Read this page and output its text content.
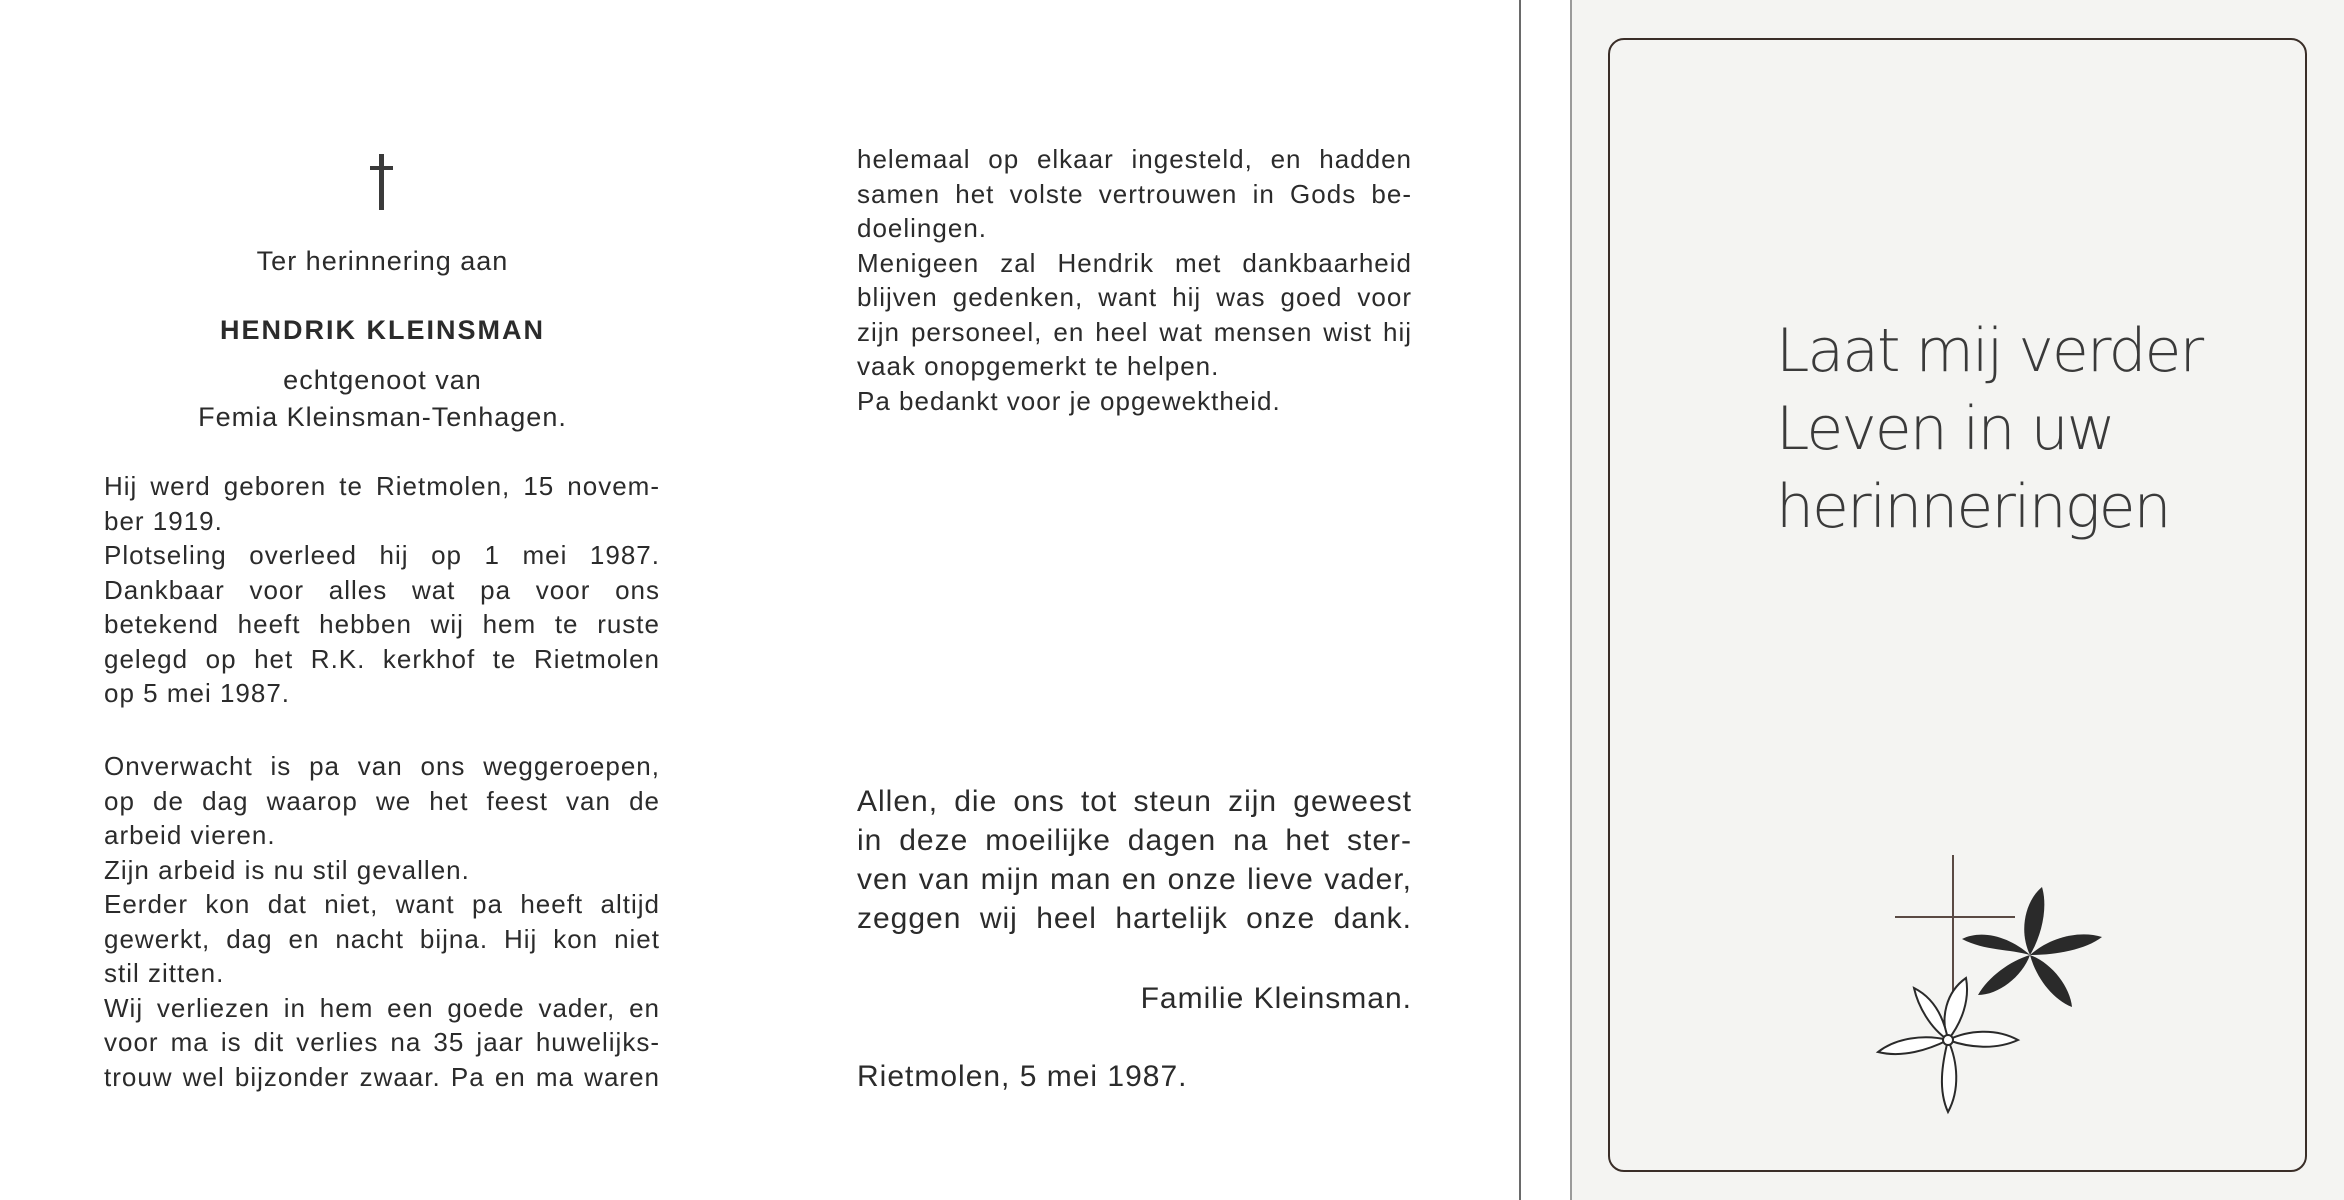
Ter herinnering aan
HENDRIK KLEINSMAN
echtgenoot van
Femia Kleinsman-Tenhagen.
Hij werd geboren te Rietmolen, 15 novem-
ber 1919.
Plotseling overleed hij op 1 mei 1987.
Dankbaar voor alles wat pa voor ons
betekend heeft hebben wij hem te ruste
gelegd op het R.K. kerkhof te Rietmolen
op 5 mei 1987.
Onverwacht is pa van ons weggeroepen,
op de dag waarop we het feest van de
arbeid vieren.
Zijn arbeid is nu stil gevallen.
Eerder kon dat niet, want pa heeft altijd
gewerkt, dag en nacht bijna. Hij kon niet
stil zitten.
Wij verliezen in hem een goede vader, en
voor ma is dit verlies na 35 jaar huwelijks-
trouw wel bijzonder zwaar. Pa en ma waren
helemaal op elkaar ingesteld, en hadden
samen het volste vertrouwen in Gods be-
doelingen.
Menigeen zal Hendrik met dankbaarheid
blijven gedenken, want hij was goed voor
zijn personeel, en heel wat mensen wist hij
vaak onopgemerkt te helpen.
Pa bedankt voor je opgewektheid.
Allen, die ons tot steun zijn geweest
in deze moeilijke dagen na het ster-
ven van mijn man en onze lieve vader,
zeggen wij heel hartelijk onze dank.
Familie Kleinsman.
Rietmolen, 5 mei 1987.
Laat mij verder
Leven in uw
herinneringen
